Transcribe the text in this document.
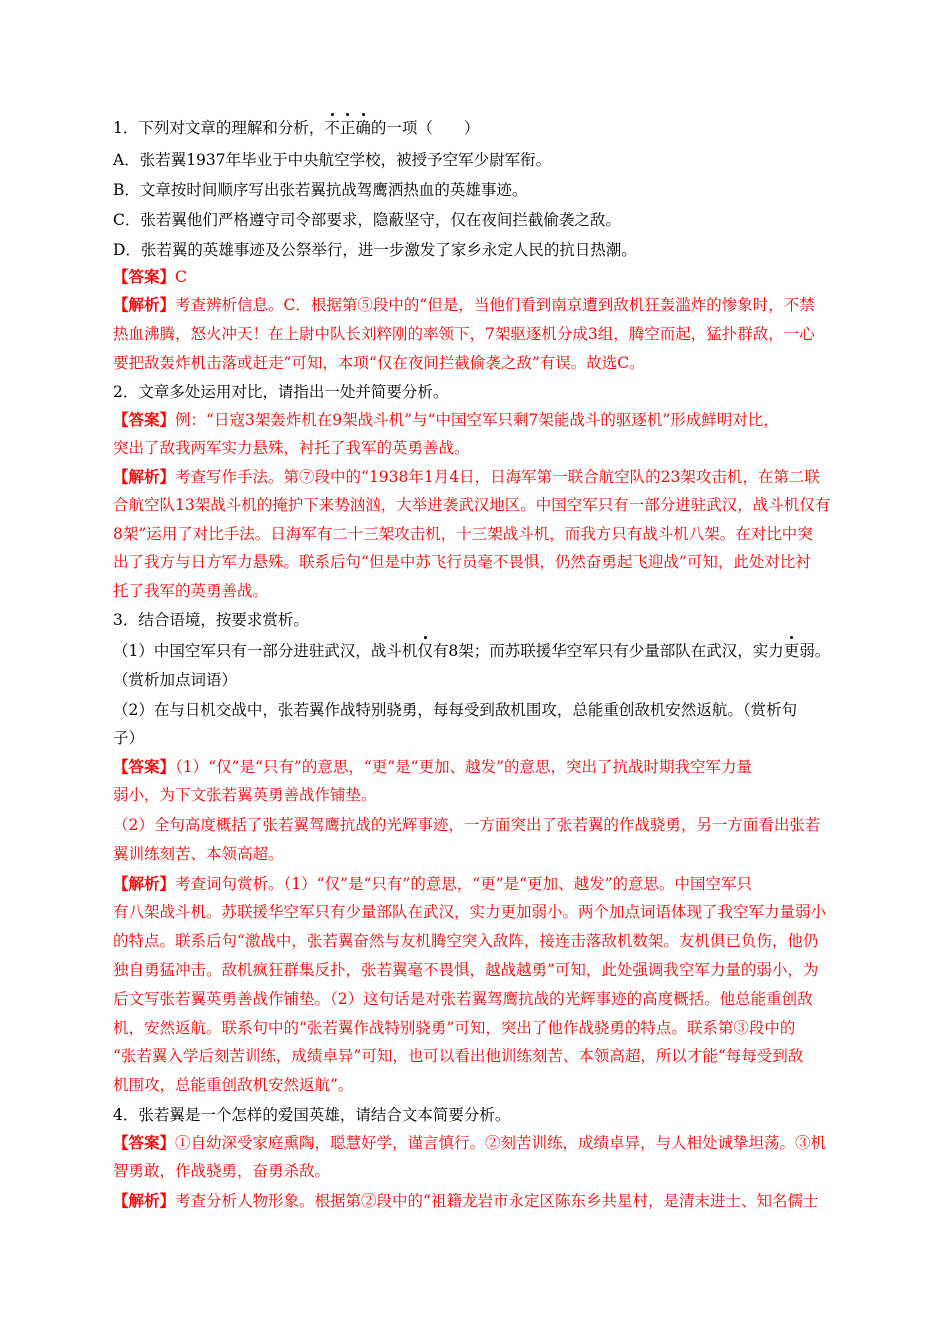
1．下列对文章的理解和分析，不正确的一项（　　）
A．张若翼1937年毕业于中央航空学校，被授予空军少尉军衔。
B．文章按时间顺序写出张若翼抗战驾鹰洒热血的英雄事迹。
C．张若翼他们严格遵守司令部要求，隐蔽坚守，仅在夜间拦截偷袭之敌。
D．张若翼的英雄事迹及公祭举行，进一步激发了家乡永定人民的抗日热潮。
【答案】C
【解析】考查辨析信息。C．根据第⑤段中的“但是，当他们看到南京遭到敌机狂轰滥炸的惨象时，不禁
热血沸腾，怒火冲天！在上尉中队长刘粹刚的率领下，7架驱逐机分成3组，腾空而起，猛扑群敌，一心
要把敌轰炸机击落或赶走”可知，本项“仅在夜间拦截偷袭之敌”有误。故选C。
2．文章多处运用对比，请指出一处并简要分析。
【答案】例：“日寇3架轰炸机在9架战斗机”与“中国空军只剩7架能战斗的驱逐机”形成鲜明对比，
突出了敌我两军实力悬殊，衬托了我军的英勇善战。
【解析】考查写作手法。第⑦段中的“1938年1月4日，日海军第一联合航空队的23架攻击机，在第二联
合航空队13架战斗机的掩护下来势汹汹，大举进袭武汉地区。中国空军只有一部分进驻武汉，战斗机仅有
8架”运用了对比手法。日海军有二十三架攻击机，十三架战斗机，而我方只有战斗机八架。在对比中突
出了我方与日方军力悬殊。联系后句“但是中苏飞行员毫不畏惧，仍然奋勇起飞迎战”可知，此处对比衬
托了我军的英勇善战。
3．结合语境，按要求赏析。
（1）中国空军只有一部分进驻武汉，战斗机仅有8架；而苏联援华空军只有少量部队在武汉，实力更弱。
（赏析加点词语）
（2）在与日机交战中，张若翼作战特别骁勇，每每受到敌机围攻，总能重创敌机安然返航。（赏析句
子）
【答案】（1）“仅”是“只有”的意思，“更”是“更加、越发”的意思，突出了抗战时期我空军力量
弱小，为下文张若翼英勇善战作铺垫。
（2）全句高度概括了张若翼驾鹰抗战的光辉事迹，一方面突出了张若翼的作战骁勇，另一方面看出张若
翼训练刻苦、本领高超。
【解析】考查词句赏析。（1）“仅”是“只有”的意思，“更”是“更加、越发”的意思。中国空军只
有八架战斗机。苏联援华空军只有少量部队在武汉，实力更加弱小。两个加点词语体现了我空军力量弱小
的特点。联系后句“激战中，张若翼奋然与友机腾空突入敌阵，接连击落敌机数架。友机俱已负伤，他仍
独自勇猛冲击。敌机疯狂群集反扑，张若翼毫不畏惧，越战越勇”可知，此处强调我空军力量的弱小，为
后文写张若翼英勇善战作铺垫。（2）这句话是对张若翼驾鹰抗战的光辉事迹的高度概括。他总能重创敌
机，安然返航。联系句中的“张若翼作战特别骁勇”可知，突出了他作战骁勇的特点。联系第③段中的
“张若翼入学后刻苦训练，成绩卓异”可知，也可以看出他训练刻苦、本领高超，所以才能“每每受到敌
机围攻，总能重创敌机安然返航”。
4．张若翼是一个怎样的爱国英雄，请结合文本简要分析。
【答案】①自幼深受家庭熏陶，聪慧好学，谨言慎行。②刻苦训练，成绩卓异，与人相处诚挚坦荡。③机
智勇敢，作战骁勇，奋勇杀敌。
【解析】考查分析人物形象。根据第②段中的“祖籍龙岩市永定区陈东乡共星村，是清末进士、知名儒士
